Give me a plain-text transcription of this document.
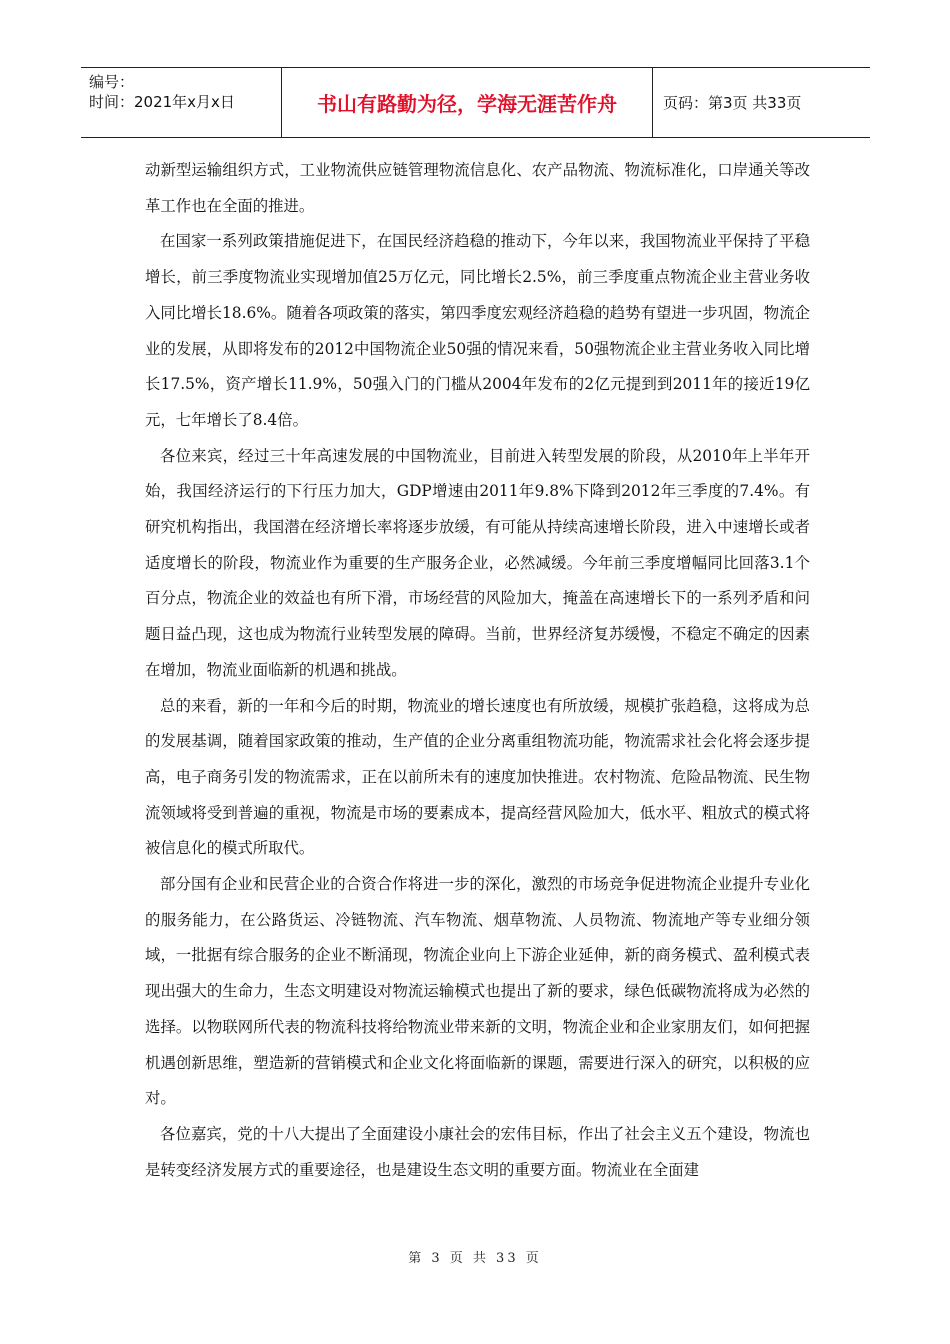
编号：
时间：2021年x月x日	书山有路勤为径，学海无涯苦作舟	页码：第3页 共33页

动新型运输组织方式，工业物流供应链管理物流信息化、农产品物流、物流标准化，口岸通关等改革工作也在全面的推进。

在国家一系列政策措施促进下，在国民经济趋稳的推动下，今年以来，我国物流业平保持了平稳增长，前三季度物流业实现增加值25万亿元，同比增长2.5%，前三季度重点物流企业主营业务收入同比增长18.6%。随着各项政策的落实，第四季度宏观经济趋稳的趋势有望进一步巩固，物流企业的发展，从即将发布的2012中国物流企业50强的情况来看，50强物流企业主营业务收入同比增长17.5%，资产增长11.9%，50强入门的门槛从2004年发布的2亿元提到到2011年的接近19亿元，七年增长了8.4倍。

各位来宾，经过三十年高速发展的中国物流业，目前进入转型发展的阶段，从2010年上半年开始，我国经济运行的下行压力加大，GDP增速由2011年9.8%下降到2012年三季度的7.4%。有研究机构指出，我国潜在经济增长率将逐步放缓，有可能从持续高速增长阶段，进入中速增长或者适度增长的阶段，物流业作为重要的生产服务企业，必然减缓。今年前三季度增幅同比回落3.1个百分点，物流企业的效益也有所下滑，市场经营的风险加大，掩盖在高速增长下的一系列矛盾和问题日益凸现，这也成为物流行业转型发展的障碍。当前，世界经济复苏缓慢，不稳定不确定的因素在增加，物流业面临新的机遇和挑战。

总的来看，新的一年和今后的时期，物流业的增长速度也有所放缓，规模扩张趋稳，这将成为总的发展基调，随着国家政策的推动，生产值的企业分离重组物流功能，物流需求社会化将会逐步提高，电子商务引发的物流需求，正在以前所未有的速度加快推进。农村物流、危险品物流、民生物流领域将受到普遍的重视，物流是市场的要素成本，提高经营风险加大，低水平、粗放式的模式将被信息化的模式所取代。

部分国有企业和民营企业的合资合作将进一步的深化，激烈的市场竞争促进物流企业提升专业化的服务能力，在公路货运、冷链物流、汽车物流、烟草物流、人员物流、物流地产等专业细分领域，一批据有综合服务的企业不断涌现，物流企业向上下游企业延伸，新的商务模式、盈利模式表现出强大的生命力，生态文明建设对物流运输模式也提出了新的要求，绿色低碳物流将成为必然的选择。以物联网所代表的物流科技将给物流业带来新的文明，物流企业和企业家朋友们，如何把握机遇创新思维，塑造新的营销模式和企业文化将面临新的课题，需要进行深入的研究，以积极的应对。

各位嘉宾，党的十八大提出了全面建设小康社会的宏伟目标，作出了社会主义五个建设，物流也是转变经济发展方式的重要途径，也是建设生态文明的重要方面。物流业在全面建

第 3 页 共 33 页
